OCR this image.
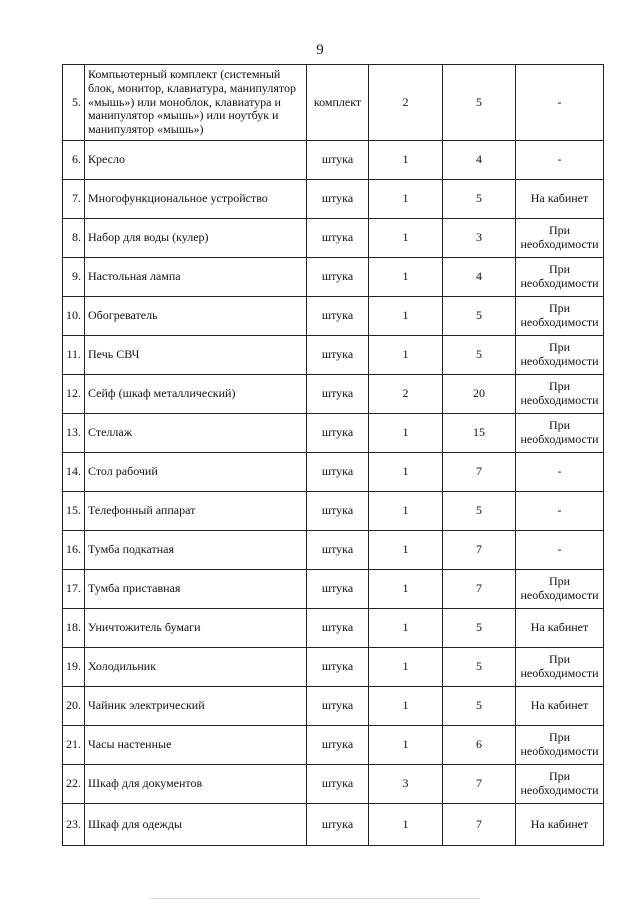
9
5.	Компьютерный комплект (системный блок, монитор, клавиатура, манипулятор «мышь») или моноблок, клавиатура и манипулятор «мышь») или ноутбук и манипулятор «мышь»)	комплект	2	5	-
6.	Кресло	штука	1	4	-
7.	Многофункциональное устройство	штука	1	5	На кабинет
8.	Набор для воды (кулер)	штука	1	3	При необходимости
9.	Настольная лампа	штука	1	4	При необходимости
10.	Обогреватель	штука	1	5	При необходимости
11.	Печь СВЧ	штука	1	5	При необходимости
12.	Сейф (шкаф металлический)	штука	2	20	При необходимости
13.	Стеллаж	штука	1	15	При необходимости
14.	Стол рабочий	штука	1	7	-
15.	Телефонный аппарат	штука	1	5	-
16.	Тумба подкатная	штука	1	7	-
17.	Тумба приставная	штука	1	7	При необходимости
18.	Уничтожитель бумаги	штука	1	5	На кабинет
19.	Холодильник	штука	1	5	При необходимости
20.	Чайник электрический	штука	1	5	На кабинет
21.	Часы настенные	штука	1	6	При необходимости
22.	Шкаф для документов	штука	3	7	При необходимости
23.	Шкаф для одежды	штука	1	7	На кабинет
